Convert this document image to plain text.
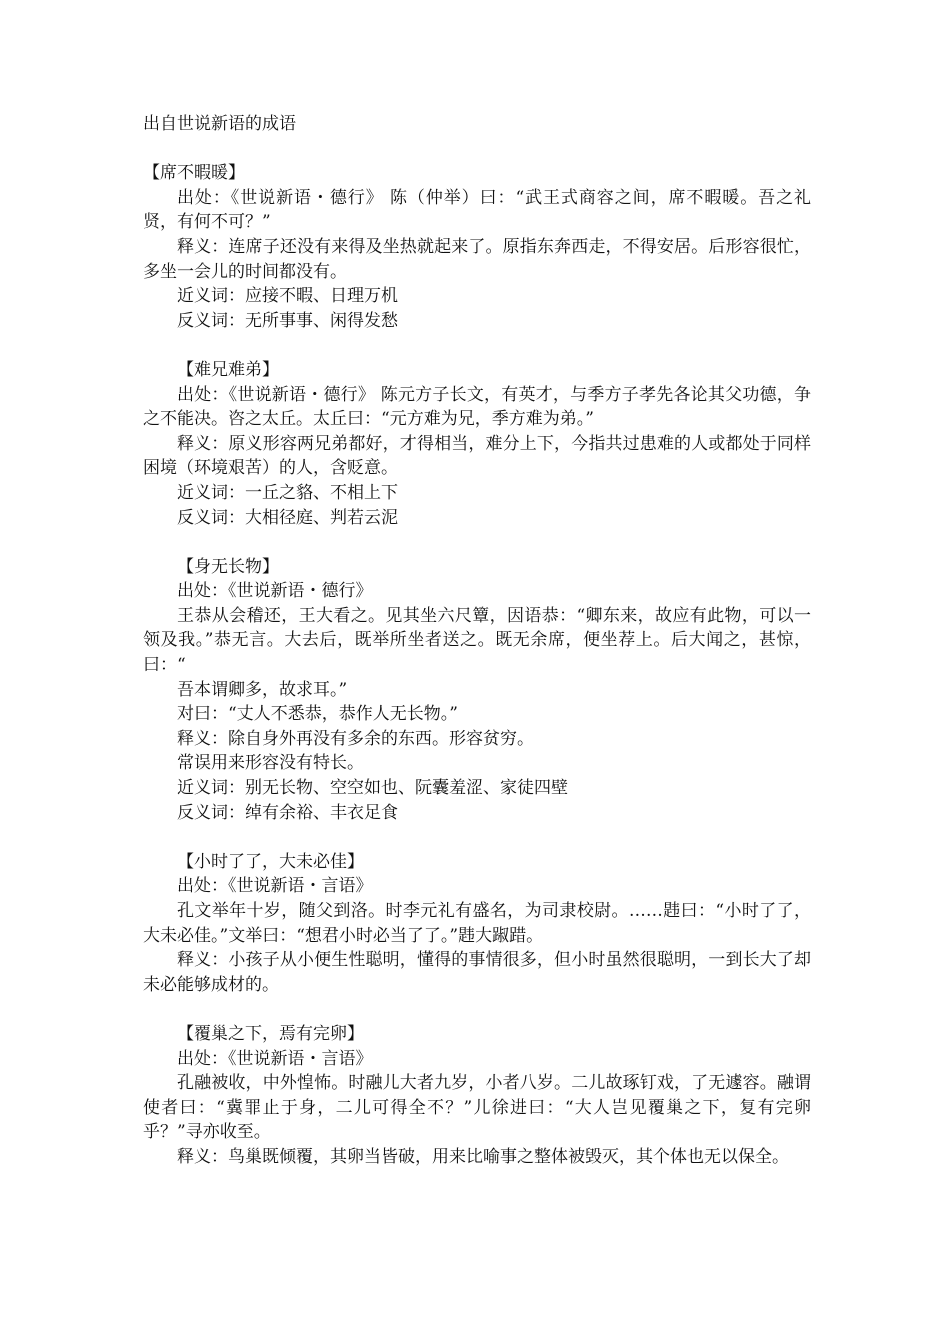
出自世说新语的成语
【席不暇暖】
出处：《世说新语・德行》 陈（仲举）曰：“武王式商容之间，席不暇暖。吾之礼贤，有何不可？”
释义：连席子还没有来得及坐热就起来了。原指东奔西走，不得安居。后形容很忙，多坐一会儿的时间都没有。
近义词：应接不暇、日理万机
反义词：无所事事、闲得发愁
【难兄难弟】
出处：《世说新语・德行》 陈元方子长文，有英才，与季方子孝先各论其父功德，争之不能决。咨之太丘。太丘曰：“元方难为兄，季方难为弟。”
释义：原义形容两兄弟都好，才得相当，难分上下，今指共过患难的人或都处于同样困境（环境艰苦）的人，含贬意。
近义词：一丘之貉、不相上下
反义词：大相径庭、判若云泥
【身无长物】
出处：《世说新语・德行》
王恭从会稽还，王大看之。见其坐六尺簟，因语恭：“卿东来，故应有此物，可以一领及我。”恭无言。大去后，既举所坐者送之。既无余席，便坐荐上。后大闻之，甚惊，曰：“
吾本谓卿多，故求耳。”
对曰：“丈人不悉恭，恭作人无长物。”
释义：除自身外再没有多余的东西。形容贫穷。
常误用来形容没有特长。
近义词：别无长物、空空如也、阮囊羞涩、家徒四壁
反义词：绰有余裕、丰衣足食
【小时了了，大未必佳】
出处：《世说新语・言语》
孔文举年十岁，随父到洛。时李元礼有盛名，为司隶校尉。……韪曰：“小时了了，大未必佳。”文举曰：“想君小时必当了了。”韪大踧踖。
释义：小孩子从小便生性聪明，懂得的事情很多，但小时虽然很聪明，一到长大了却未必能够成材的。
【覆巢之下，焉有完卵】
出处：《世说新语・言语》
孔融被收，中外惶怖。时融儿大者九岁，小者八岁。二儿故琢钉戏，了无遽容。融谓使者曰：“冀罪止于身，二儿可得全不？”儿徐进曰：“大人岂见覆巢之下，复有完卵乎？”寻亦收至。
释义：鸟巢既倾覆，其卵当皆破，用来比喻事之整体被毁灭，其个体也无以保全。
